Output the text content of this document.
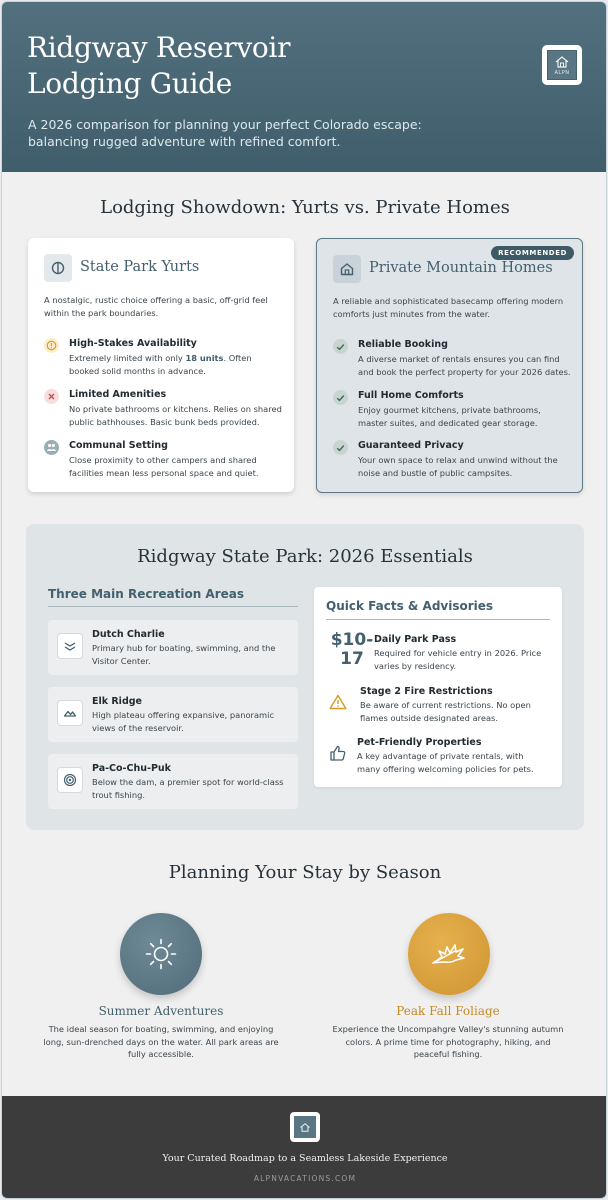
Ridgway Reservoir Lodging Guide
A 2026 comparison for planning your perfect Colorado escape: balancing rugged adventure with refined comfort.
ALPN
Lodging Showdown: Yurts vs. Private Homes
State Park Yurts
A nostalgic, rustic choice offering a basic, off-grid feel within the park boundaries.
High-Stakes Availability
Extremely limited with only 18 units. Often booked solid months in advance.
Limited Amenities
No private bathrooms or kitchens. Relies on shared public bathhouses. Basic bunk beds provided.
Communal Setting
Close proximity to other campers and shared facilities mean less personal space and quiet.
RECOMMENDED
Private Mountain Homes
A reliable and sophisticated basecamp offering modern comforts just minutes from the water.
Reliable Booking
A diverse market of rentals ensures you can find and book the perfect property for your 2026 dates.
Full Home Comforts
Enjoy gourmet kitchens, private bathrooms, master suites, and dedicated gear storage.
Guaranteed Privacy
Your own space to relax and unwind without the noise and bustle of public campsites.
Ridgway State Park: 2026 Essentials
Three Main Recreation Areas
Dutch Charlie
Primary hub for boating, swimming, and the Visitor Center.
Elk Ridge
High plateau offering expansive, panoramic views of the reservoir.
Pa-Co-Chu-Puk
Below the dam, a premier spot for world-class trout fishing.
Quick Facts & Advisories
$10-
17
Daily Park Pass
Required for vehicle entry in 2026. Price varies by residency.
Stage 2 Fire Restrictions
Be aware of current restrictions. No open flames outside designated areas.
Pet-Friendly Properties
A key advantage of private rentals, with many offering welcoming policies for pets.
Planning Your Stay by Season
Summer Adventures
The ideal season for boating, swimming, and enjoying long, sun-drenched days on the water. All park areas are fully accessible.
Peak Fall Foliage
Experience the Uncompahgre Valley's stunning autumn colors. A prime time for photography, hiking, and peaceful fishing.
Your Curated Roadmap to a Seamless Lakeside Experience
ALPNVACATIONS.COM
